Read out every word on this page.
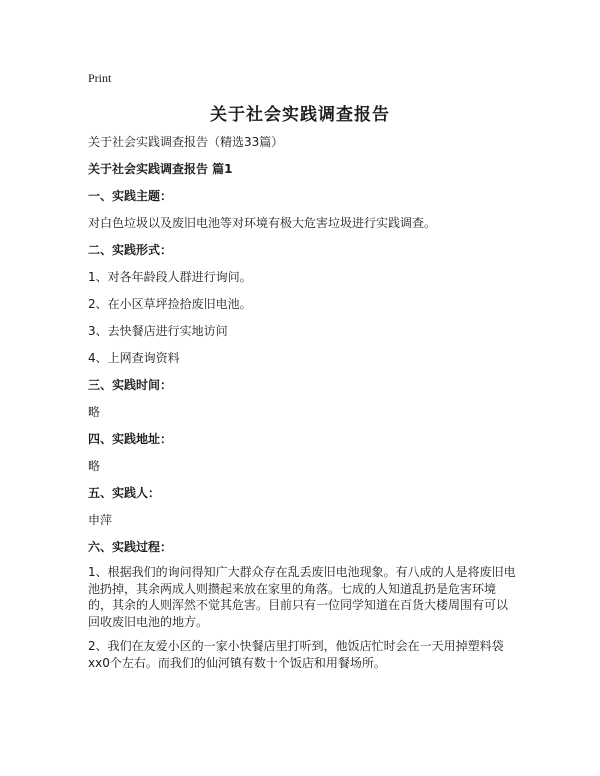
Print
关于社会实践调查报告
关于社会实践调查报告（精选33篇）
关于社会实践调查报告 篇1
一、实践主题：
对白色垃圾以及废旧电池等对环境有极大危害垃圾进行实践调查。
二、实践形式：
1、对各年龄段人群进行询问。
2、在小区草坪捡拾废旧电池。
3、去快餐店进行实地访问
4、上网查询资料
三、实践时间：
略
四、实践地址：
略
五、实践人：
申萍
六、实践过程：
1、根据我们的询问得知广大群众存在乱丢废旧电池现象。有八成的人是将废旧电池扔掉，其余两成人则攒起来放在家里的角落。七成的人知道乱扔是危害环境的，其余的人则浑然不觉其危害。目前只有一位同学知道在百货大楼周围有可以回收废旧电池的地方。
2、我们在友爱小区的一家小快餐店里打听到，他饭店忙时会在一天用掉塑料袋xx0个左右。而我们的仙河镇有数十个饭店和用餐场所。
